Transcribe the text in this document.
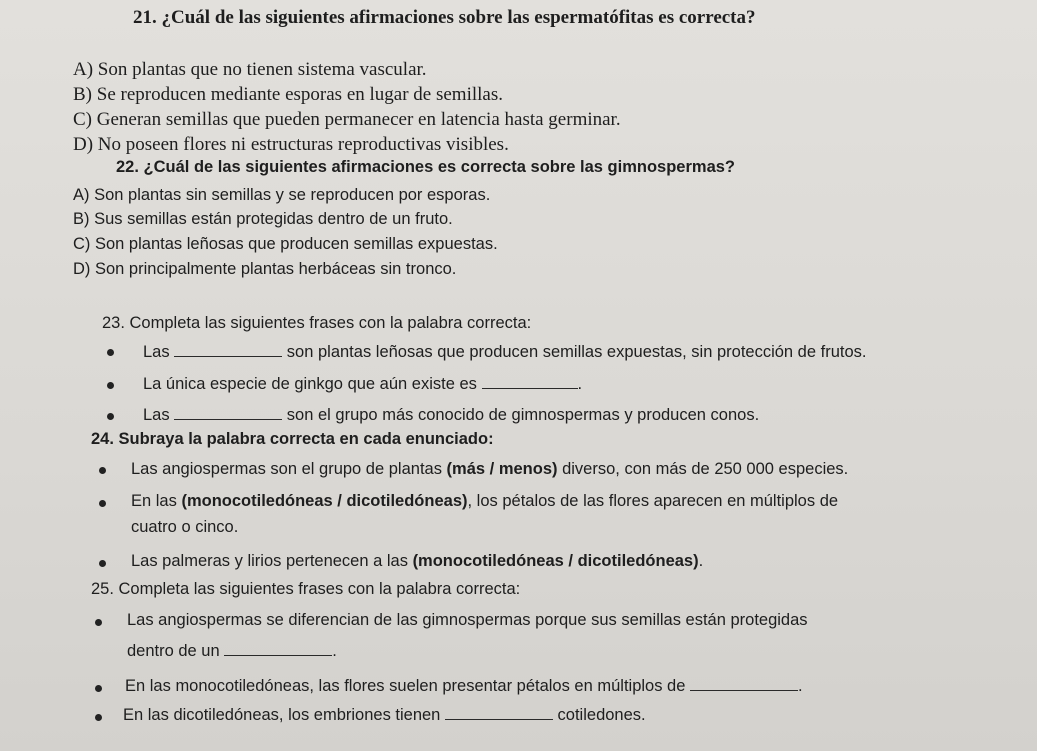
21. ¿Cuál de las siguientes afirmaciones sobre las espermatófitas es correcta?
A) Son plantas que no tienen sistema vascular.
B) Se reproducen mediante esporas en lugar de semillas.
C) Generan semillas que pueden permanecer en latencia hasta germinar.
D) No poseen flores ni estructuras reproductivas visibles.
22. ¿Cuál de las siguientes afirmaciones es correcta sobre las gimnospermas?
A) Son plantas sin semillas y se reproducen por esporas.
B) Sus semillas están protegidas dentro de un fruto.
C) Son plantas leñosas que producen semillas expuestas.
D) Son principalmente plantas herbáceas sin tronco.
23. Completa las siguientes frases con la palabra correcta:
Las	son plantas leñosas que producen semillas expuestas, sin protección de frutos.
La única especie de ginkgo que aún existe es	.
Las	son el grupo más conocido de gimnospermas y producen conos.
24. Subraya la palabra correcta en cada enunciado:
Las angiospermas son el grupo de plantas (más / menos) diverso, con más de 250 000 especies.
En las (monocotiledóneas / dicotiledóneas), los pétalos de las flores aparecen en múltiplos de
cuatro o cinco.
Las palmeras y lirios pertenecen a las (monocotiledóneas / dicotiledóneas).
25. Completa las siguientes frases con la palabra correcta:
Las angiospermas se diferencian de las gimnospermas porque sus semillas están protegidas
dentro de un	.
En las monocotiledóneas, las flores suelen presentar pétalos en múltiplos de	.
En las dicotiledóneas, los embriones tienen	cotiledones.
